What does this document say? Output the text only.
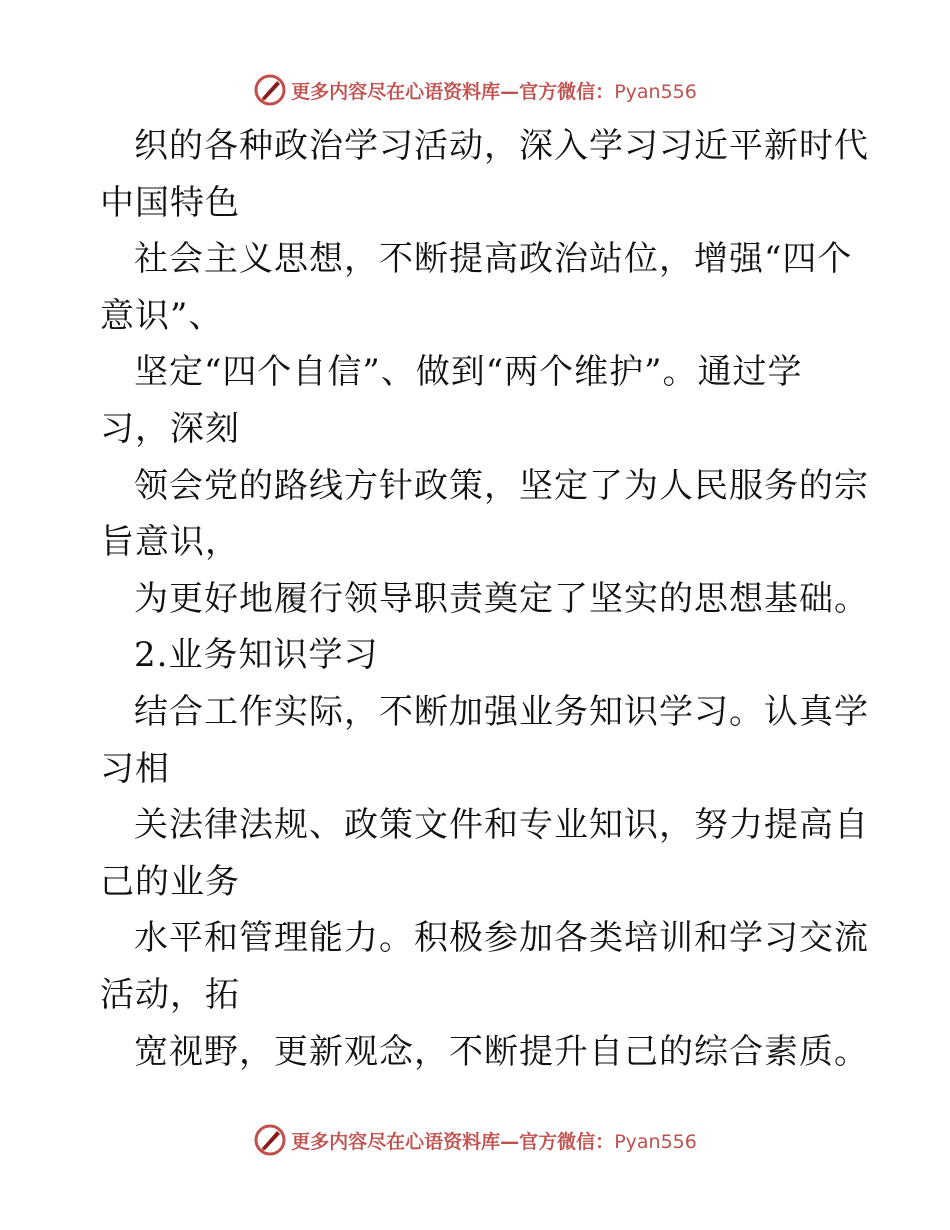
更多内容尽在心语资料库—官方微信：Pyan556
织的各种政治学习活动，深入学习习近平新时代
中国特色
社会主义思想，不断提高政治站位，增强“四个
意识”、
坚定“四个自信”、做到“两个维护”。通过学
习，深刻
领会党的路线方针政策，坚定了为人民服务的宗
旨意识，
为更好地履行领导职责奠定了坚实的思想基础。
2.业务知识学习
结合工作实际，不断加强业务知识学习。认真学
习相
关法律法规、政策文件和专业知识，努力提高自
己的业务
水平和管理能力。积极参加各类培训和学习交流
活动，拓
宽视野，更新观念，不断提升自己的综合素质。
更多内容尽在心语资料库—官方微信：Pyan556
